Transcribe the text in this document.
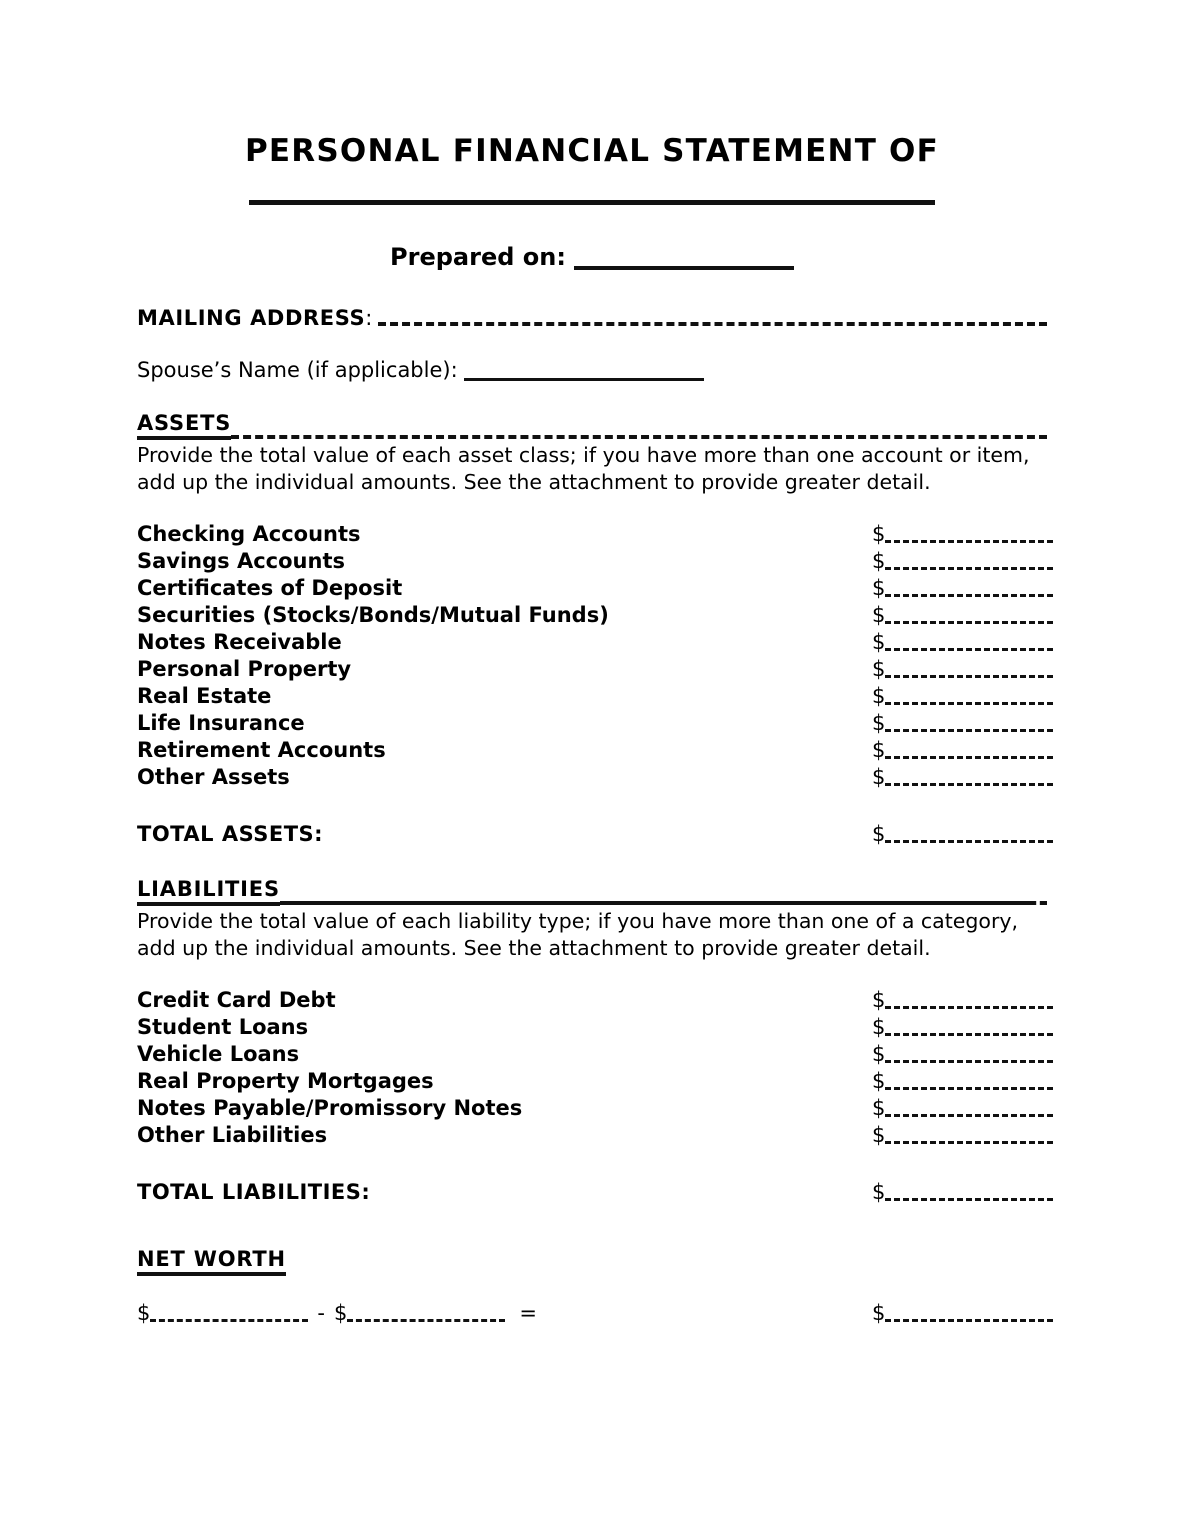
PERSONAL FINANCIAL STATEMENT OF
Prepared on:
MAILING ADDRESS :
Spouse’s Name (if applicable):
ASSETS
Provide the total value of each asset class; if you have more than one account or item, add up the individual amounts. See the attachment to provide greater detail.
Checking Accounts	$
Savings Accounts	$
Certificates of Deposit	$
Securities (Stocks/Bonds/Mutual Funds)	$
Notes Receivable	$
Personal Property	$
Real Estate	$
Life Insurance	$
Retirement Accounts	$
Other Assets	$
TOTAL ASSETS:	$
LIABILITIES
Provide the total value of each liability type; if you have more than one of a category, add up the individual amounts. See the attachment to provide greater detail.
Credit Card Debt	$
Student Loans	$
Vehicle Loans	$
Real Property Mortgages	$
Notes Payable/Promissory Notes	$
Other Liabilities	$
TOTAL LIABILITIES:	$
NET WORTH
$	- $	=	$
